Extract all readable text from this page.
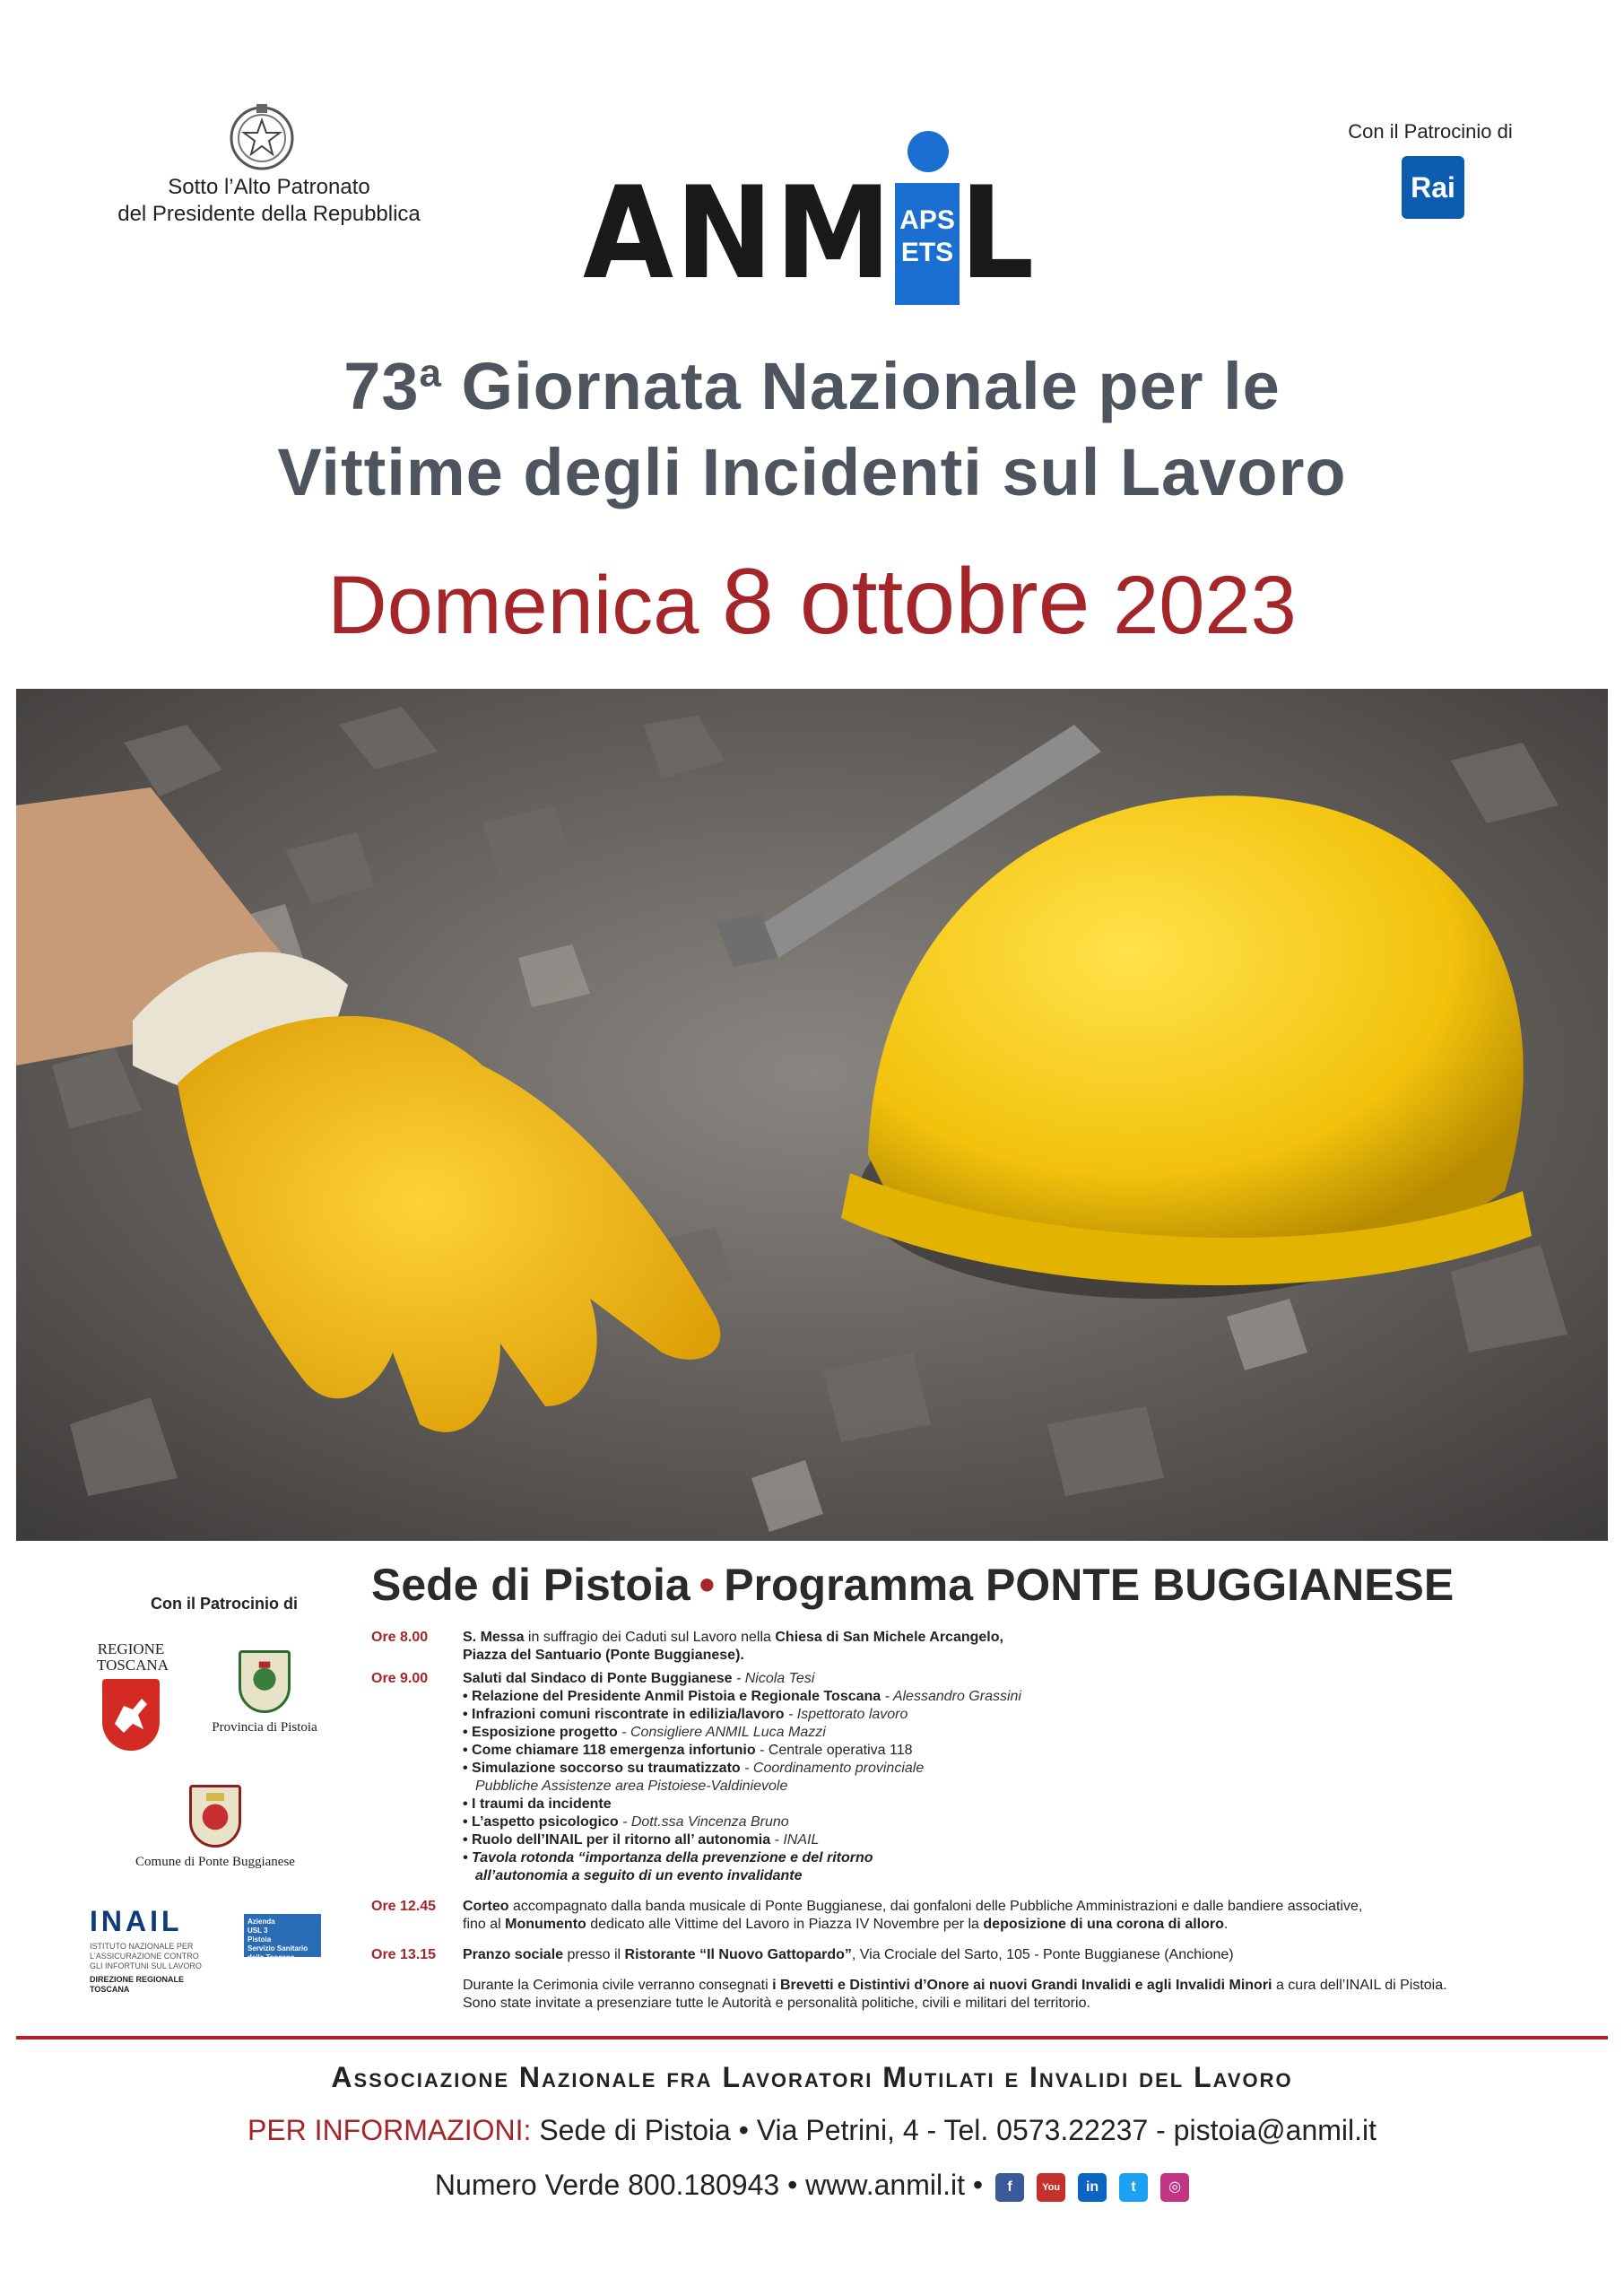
Sotto l’Alto Patronato
del Presidente della Repubblica
Con il Patrocinio di
Rai
ANM APS
ETS L
73$^a$ Giornata Nazionale per le
Vittime degli Incidenti sul Lavoro
Domenica 8 ottobre 2023
Sede di Pistoia • Programma PONTE BUGGIANESE
Con il Patrocinio di
REGIONE
TOSCANA
Provincia di Pistoia
Comune di Ponte Buggianese
INAIL
ISTITUTO NAZIONALE PER L'ASSICURAZIONE CONTRO GLI INFORTUNI SUL LAVORO
DIREZIONE REGIONALE
TOSCANA
Azienda
USL 3
Pistoia
Servizio Sanitario della Toscana
Ore 8.00	S. Messa in suffragio dei Caduti sul Lavoro nella Chiesa di San Michele Arcangelo,
Piazza del Santuario (Ponte Buggianese).
Ore 9.00	Saluti dal Sindaco di Ponte Buggianese - Nicola Tesi
• Relazione del Presidente Anmil Pistoia e Regionale Toscana - Alessandro Grassini
• Infrazioni comuni riscontrate in edilizia/lavoro - Ispettorato lavoro
• Esposizione progetto - Consigliere ANMIL Luca Mazzi
• Come chiamare 118 emergenza infortunio - Centrale operativa 118
• Simulazione soccorso su traumatizzato - Coordinamento provinciale
Pubbliche Assistenze area Pistoiese-Valdinievole
• I traumi da incidente
• L’aspetto psicologico - Dott.ssa Vincenza Bruno
• Ruolo dell’INAIL per il ritorno all’ autonomia - INAIL
• Tavola rotonda “importanza della prevenzione e del ritorno
all’autonomia a seguito di un evento invalidante
Ore 12.45	Corteo accompagnato dalla banda musicale di Ponte Buggianese, dai gonfaloni delle Pubbliche Amministrazioni e dalle bandiere associative,
fino al Monumento dedicato alle Vittime del Lavoro in Piazza IV Novembre per la deposizione di una corona di alloro.
Ore 13.15	Pranzo sociale presso il Ristorante “Il Nuovo Gattopardo”, Via Crociale del Sarto, 105 - Ponte Buggianese (Anchione)
Durante la Cerimonia civile verranno consegnati i Brevetti e Distintivi d’Onore ai nuovi Grandi Invalidi e agli Invalidi Minori a cura dell’INAIL di Pistoia.
Sono state invitate a presenziare tutte le Autorità e personalità politiche, civili e militari del territorio.
Associazione Nazionale fra Lavoratori Mutilati e Invalidi del Lavoro
PER INFORMAZIONI: Sede di Pistoia • Via Petrini, 4 - Tel. 0573.22237 - pistoia@anmil.it
Numero Verde 800.180943 • www.anmil.it • f	You in t ◎
